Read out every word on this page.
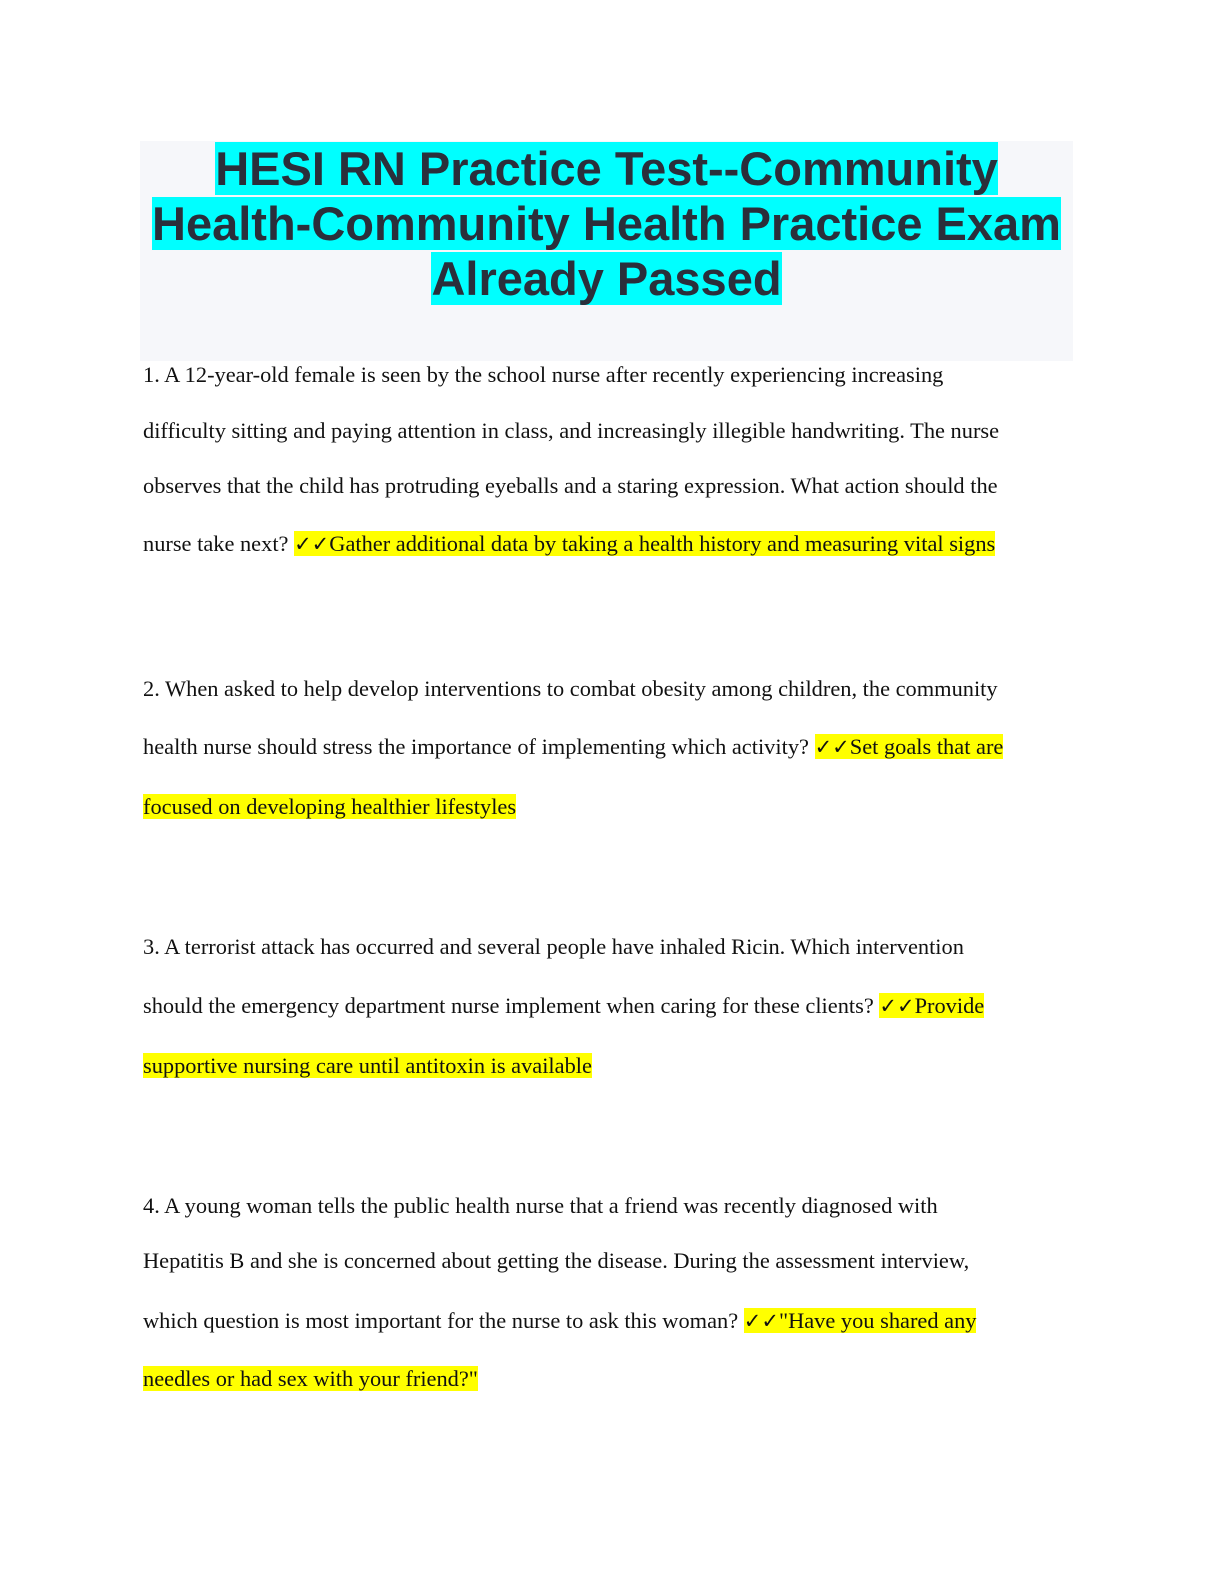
HESI RN Practice Test--Community
Health-Community Health Practice Exam
Already Passed
1. A 12-year-old female is seen by the school nurse after recently experiencing increasing
difficulty sitting and paying attention in class, and increasingly illegible handwriting. The nurse
observes that the child has protruding eyeballs and a staring expression. What action should the
nurse take next? ✓✓Gather additional data by taking a health history and measuring vital signs
2. When asked to help develop interventions to combat obesity among children, the community
health nurse should stress the importance of implementing which activity? ✓✓Set goals that are
focused on developing healthier lifestyles
3. A terrorist attack has occurred and several people have inhaled Ricin. Which intervention
should the emergency department nurse implement when caring for these clients? ✓✓Provide
supportive nursing care until antitoxin is available
4. A young woman tells the public health nurse that a friend was recently diagnosed with
Hepatitis B and she is concerned about getting the disease. During the assessment interview,
which question is most important for the nurse to ask this woman? ✓✓"Have you shared any
needles or had sex with your friend?"
